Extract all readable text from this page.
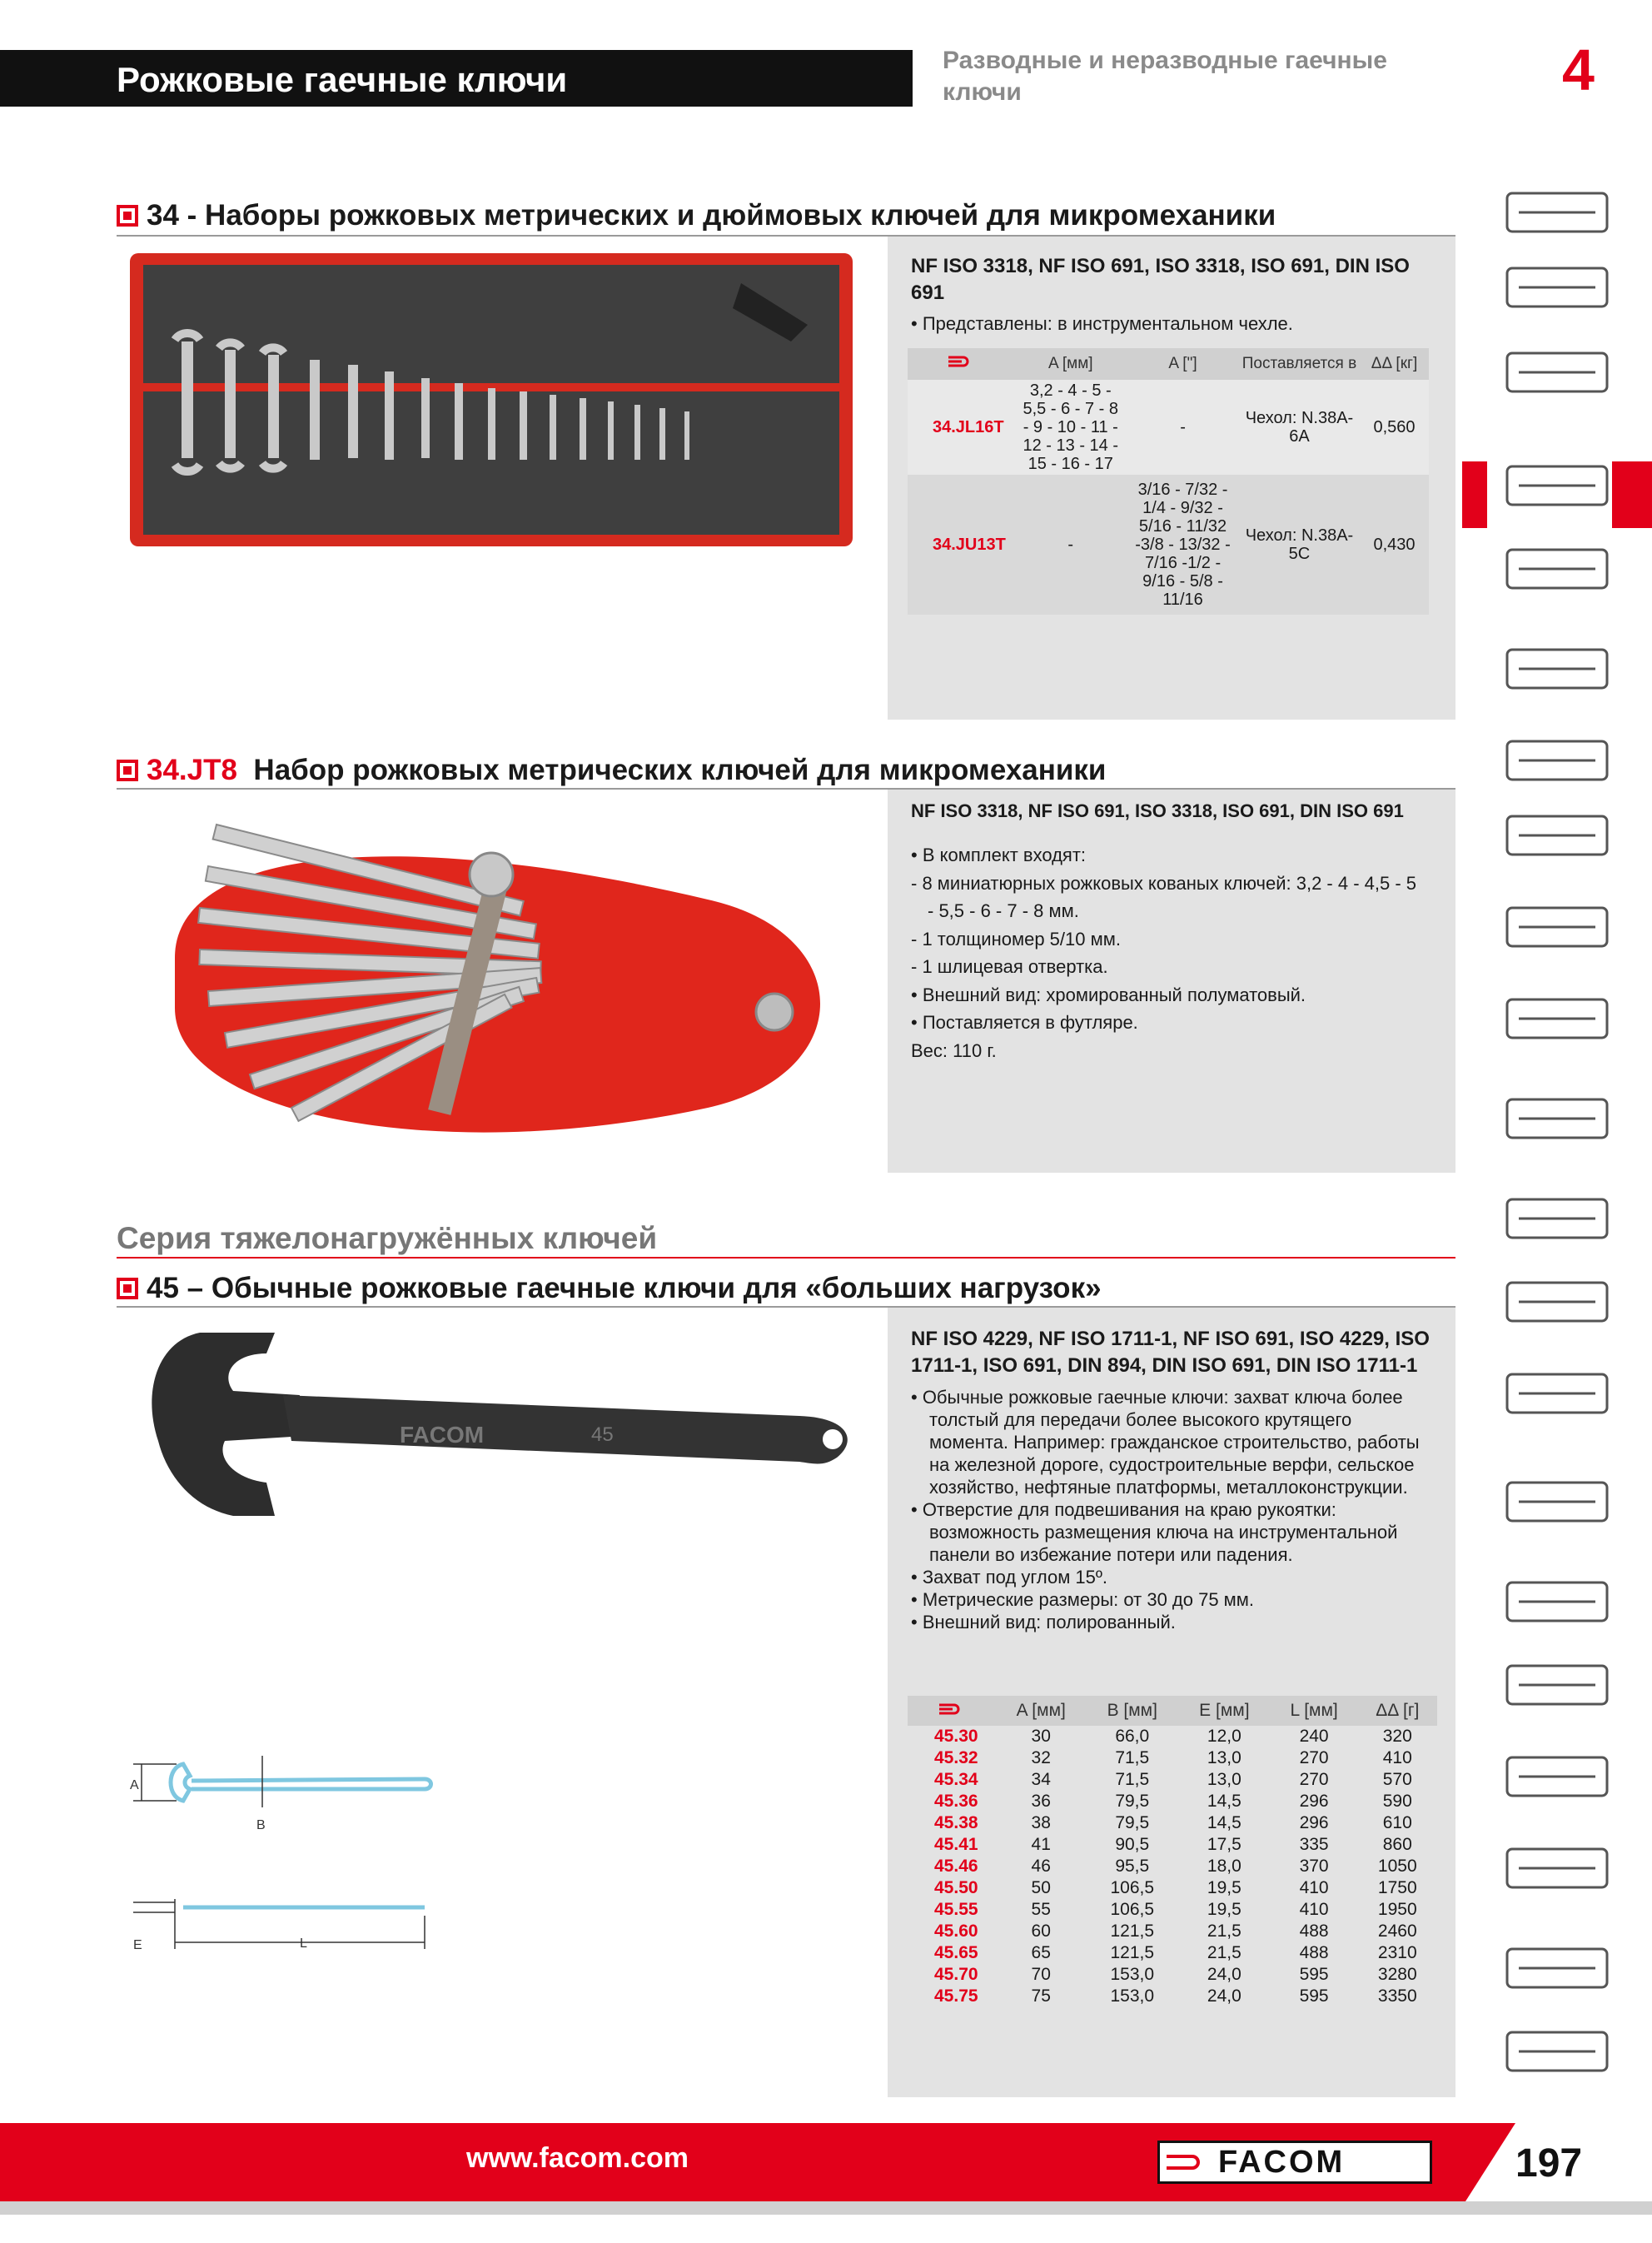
Рожковые гаечные ключи	Разводные и неразводные гаечные ключи	4
34 - Наборы рожковых метрических и дюймовых ключей для микромеханики
NF ISO 3318, NF ISO 691, ISO 3318, ISO 691, DIN ISO 691
• Представлены: в инструментальном чехле.
	A [мм]	A ["]	Поставляется в	ΔΔ [кг]
34.JL16T	3,2 - 4 - 5 - 5,5 - 6 - 7 - 8 - 9 - 10 - 11 - 12 - 13 - 14 - 15 - 16 - 17	-	Чехол: N.38A-6A	0,560
34.JU13T	-	3/16 - 7/32 - 1/4 - 9/32 - 5/16 - 11/32 -3/8 - 13/32 - 7/16 -1/2 - 9/16 - 5/8 - 11/16	Чехол: N.38A-5C	0,430
34.JT8 Набор рожковых метрических ключей для микромеханики
NF ISO 3318, NF ISO 691, ISO 3318, ISO 691, DIN ISO 691
• В комплект входят:
- 8 миниатюрных рожковых кованых ключей: 3,2 - 4 - 4,5 - 5
- 5,5 - 6 - 7 - 8 мм.
- 1 толщиномер 5/10 мм.
- 1 шлицевая отвертка.
• Внешний вид: хромированный полуматовый.
• Поставляется в футляре.
Вес: 110 г.
Серия тяжелонагружённых ключей
45 – Обычные рожковые гаечные ключи для «больших нагрузок»
FACOM	45
NF ISO 4229, NF ISO 1711-1, NF ISO 691, ISO 4229, ISO 1711-1, ISO 691, DIN 894, DIN ISO 691, DIN ISO 1711-1
• Обычные рожковые гаечные ключи: захват ключа более
толстый для передачи более высокого крутящего
момента. Например: гражданское строительство, работы
на железной дороге, судостроительные верфи, сельское
хозяйство, нефтяные платформы, металлоконструкции.
• Отверстие для подвешивания на краю рукоятки:
возможность размещения ключа на инструментальной
панели во избежание потери или падения.
• Захват под углом 15º.
• Метрические размеры: от 30 до 75 мм.
• Внешний вид: полированный.
	A [мм]	B [мм]	E [мм]	L [мм]	ΔΔ [г]
45.30	30	66,0	12,0	240	320
45.32	32	71,5	13,0	270	410
45.34	34	71,5	13,0	270	570
45.36	36	79,5	14,5	296	590
45.38	38	79,5	14,5	296	610
45.41	41	90,5	17,5	335	860
45.46	46	95,5	18,0	370	1050
45.50	50	106,5	19,5	410	1750
45.55	55	106,5	19,5	410	1950
45.60	60	121,5	21,5	488	2460
45.65	65	121,5	21,5	488	2310
45.70	70	153,0	24,0	595	3280
45.75	75	153,0	24,0	595	3350
A
B
E	L
www.facom.com	FACOM	197
